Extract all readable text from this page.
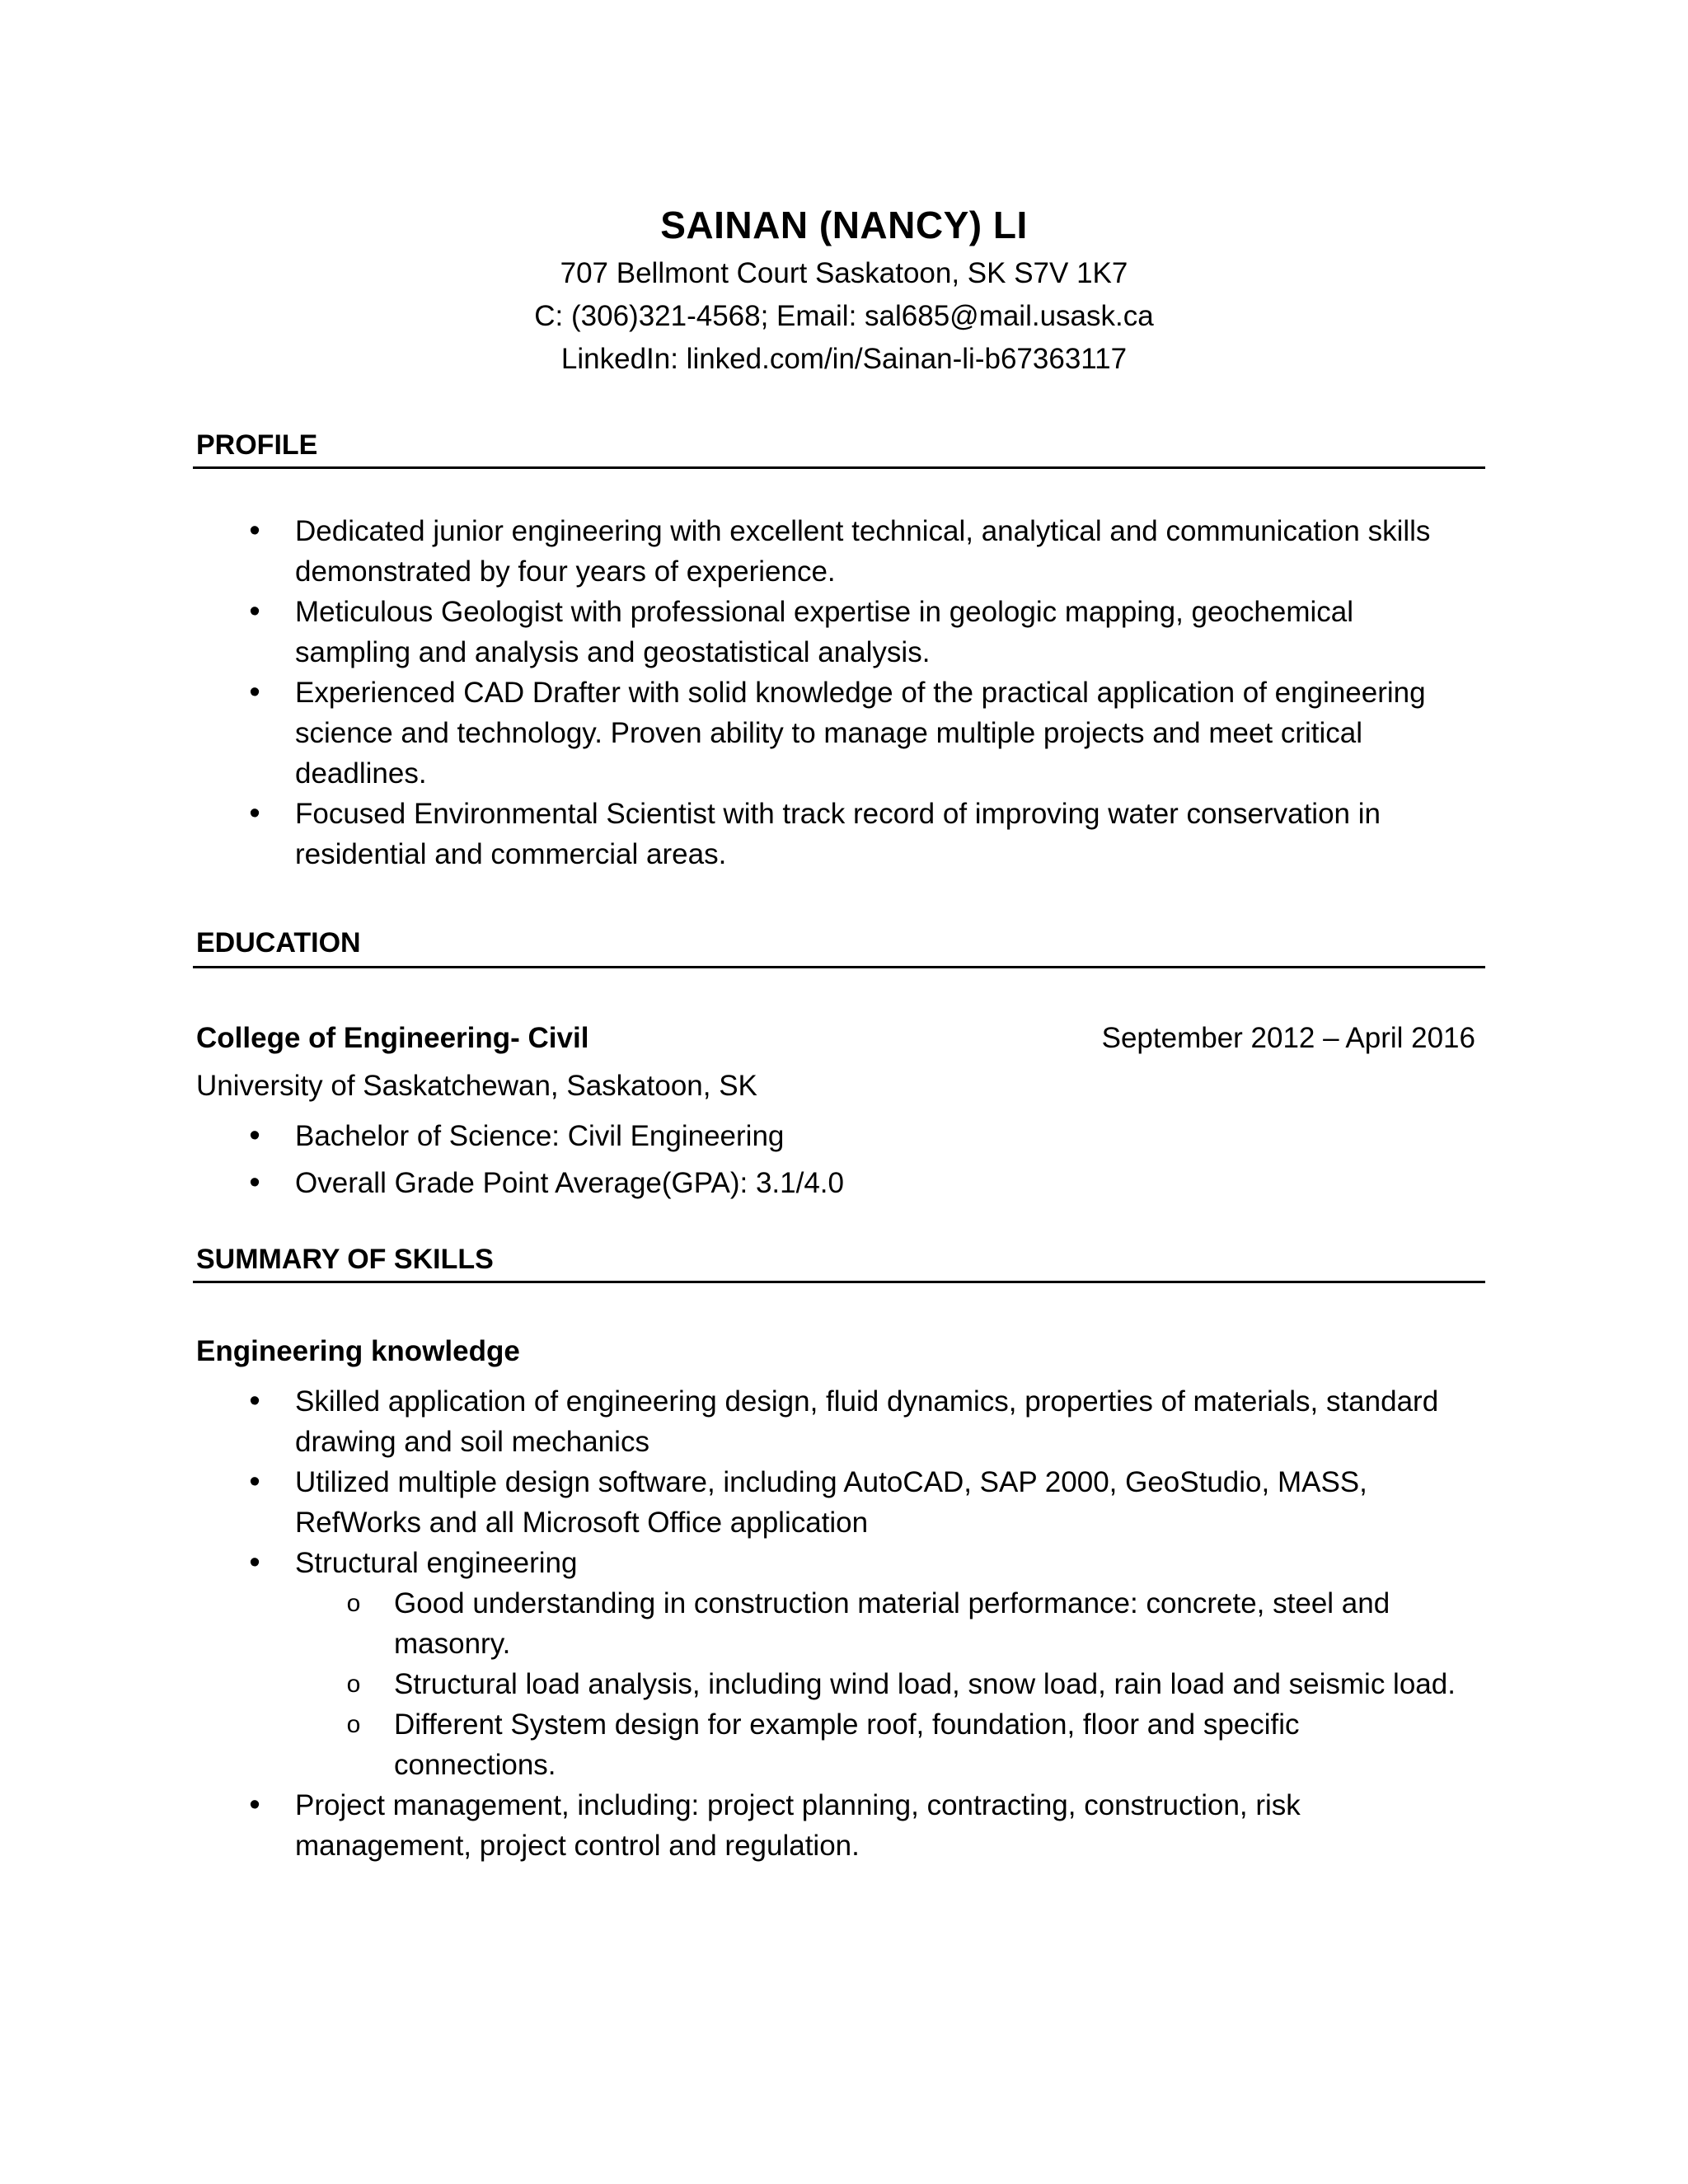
SAINAN (NANCY) LI
707 Bellmont Court Saskatoon, SK S7V 1K7
C: (306)321-4568; Email: sal685@mail.usask.ca
LinkedIn: linked.com/in/Sainan-li-b67363117
PROFILE
• Dedicated junior engineering with excellent technical, analytical and communication skills demonstrated by four years of experience.
• Meticulous Geologist with professional expertise in geologic mapping, geochemical sampling and analysis and geostatistical analysis.
• Experienced CAD Drafter with solid knowledge of the practical application of engineering science and technology. Proven ability to manage multiple projects and meet critical deadlines.
• Focused Environmental Scientist with track record of improving water conservation in residential and commercial areas.
EDUCATION
College of Engineering- Civil	September 2012 – April 2016
University of Saskatchewan, Saskatoon, SK
• Bachelor of Science: Civil Engineering
• Overall Grade Point Average(GPA): 3.1/4.0
SUMMARY OF SKILLS
Engineering knowledge
• Skilled application of engineering design, fluid dynamics, properties of materials, standard drawing and soil mechanics
• Utilized multiple design software, including AutoCAD, SAP 2000, GeoStudio, MASS, RefWorks and all Microsoft Office application
• Structural engineering
o Good understanding in construction material performance: concrete, steel and masonry.
o Structural load analysis, including wind load, snow load, rain load and seismic load.
o Different System design for example roof, foundation, floor and specific connections.
• Project management, including: project planning, contracting, construction, risk management, project control and regulation.
